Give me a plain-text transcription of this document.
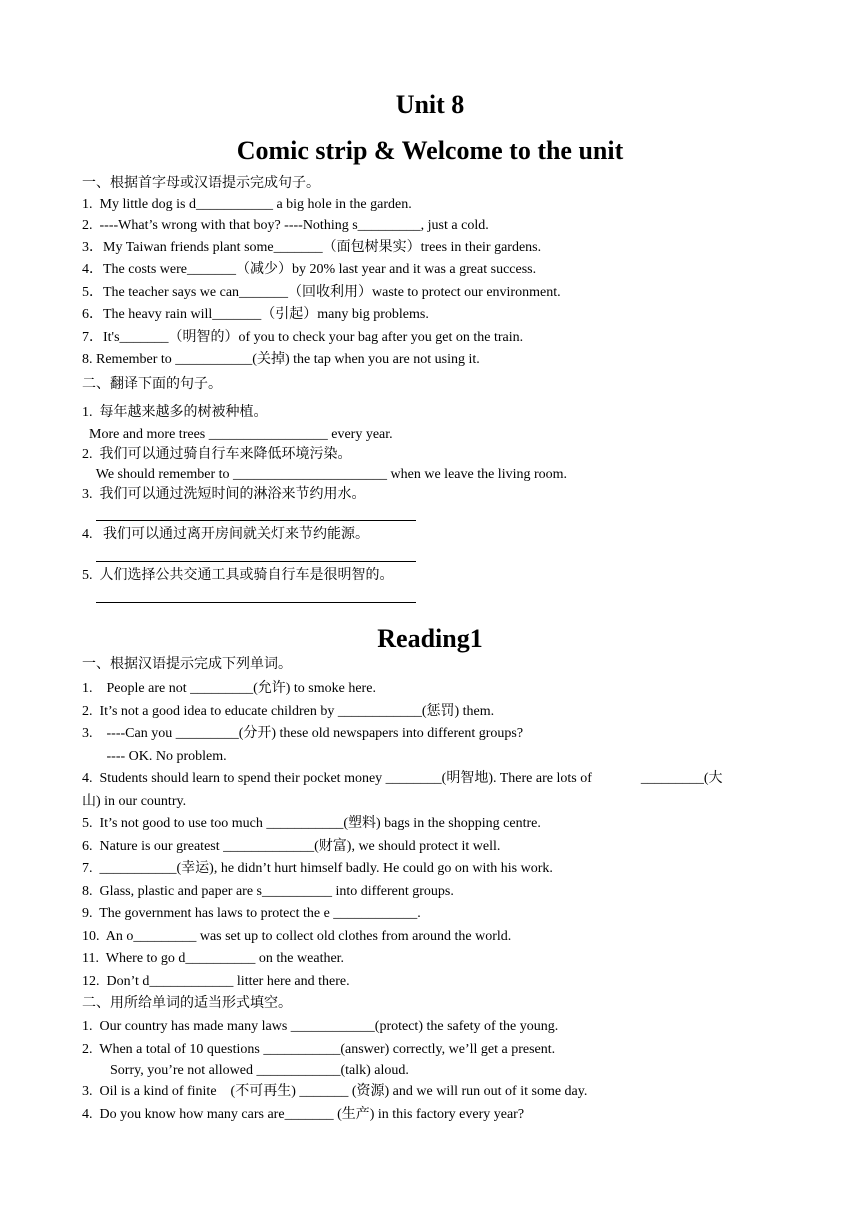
Unit 8
Comic strip & Welcome to the unit
一、根据首字母或汉语提示完成句子。
1.  My little dog is d___________ a big hole in the garden.
2.  ----What’s wrong with that boy? ----Nothing s_________, just a cold.
3．My Taiwan friends plant some_______（面包树果实）trees in their gardens.
4．The costs were_______（减少）by 20% last year and it was a great success.
5．The teacher says we can_______（回收利用）waste to protect our environment.
6．The heavy rain will_______（引起）many big problems.
7．It's_______（明智的）of you to check your bag after you get on the train.
8. Remember to ___________(关掉) the tap when you are not using it.
二、翻译下面的句子。
1.  每年越来越多的树被种植。
More and more trees _________________ every year.
2.  我们可以通过骑自行车来降低环境污染。
We should remember to ______________________ when we leave the living room.
3.  我们可以通过洗短时间的淋浴来节约用水。
4.   我们可以通过离开房间就关灯来节约能源。
5.  人们选择公共交通工具或骑自行车是很明智的。
Reading1
一、根据汉语提示完成下列单词。
1.    People are not _________(允许) to smoke here.
2.  It’s not a good idea to educate children by ____________(惩罚) them.
3.    ----Can you _________(分开) these old newspapers into different groups?
---- OK. No problem.
4.  Students should learn to spend their pocket money ________(明智地). There are lots of              _________(大
山) in our country.
5.  It’s not good to use too much ___________(塑料) bags in the shopping centre.
6.  Nature is our greatest _____________(财富), we should protect it well.
7.  ___________(幸运), he didn’t hurt himself badly. He could go on with his work.
8.  Glass, plastic and paper are s__________ into different groups.
9.  The government has laws to protect the e ____________.
10.  An o_________ was set up to collect old clothes from around the world.
11.  Where to go d__________ on the weather.
12.  Don’t d____________ litter here and there.
二、用所给单词的适当形式填空。
1.  Our country has made many laws ____________(protect) the safety of the young.
2.  When a total of 10 questions ___________(answer) correctly, we’ll get a present.
Sorry, you’re not allowed ____________(talk) aloud.
3.  Oil is a kind of finite    (不可再生) _______ (资源) and we will run out of it some day.
4.  Do you know how many cars are_______ (生产) in this factory every year?
